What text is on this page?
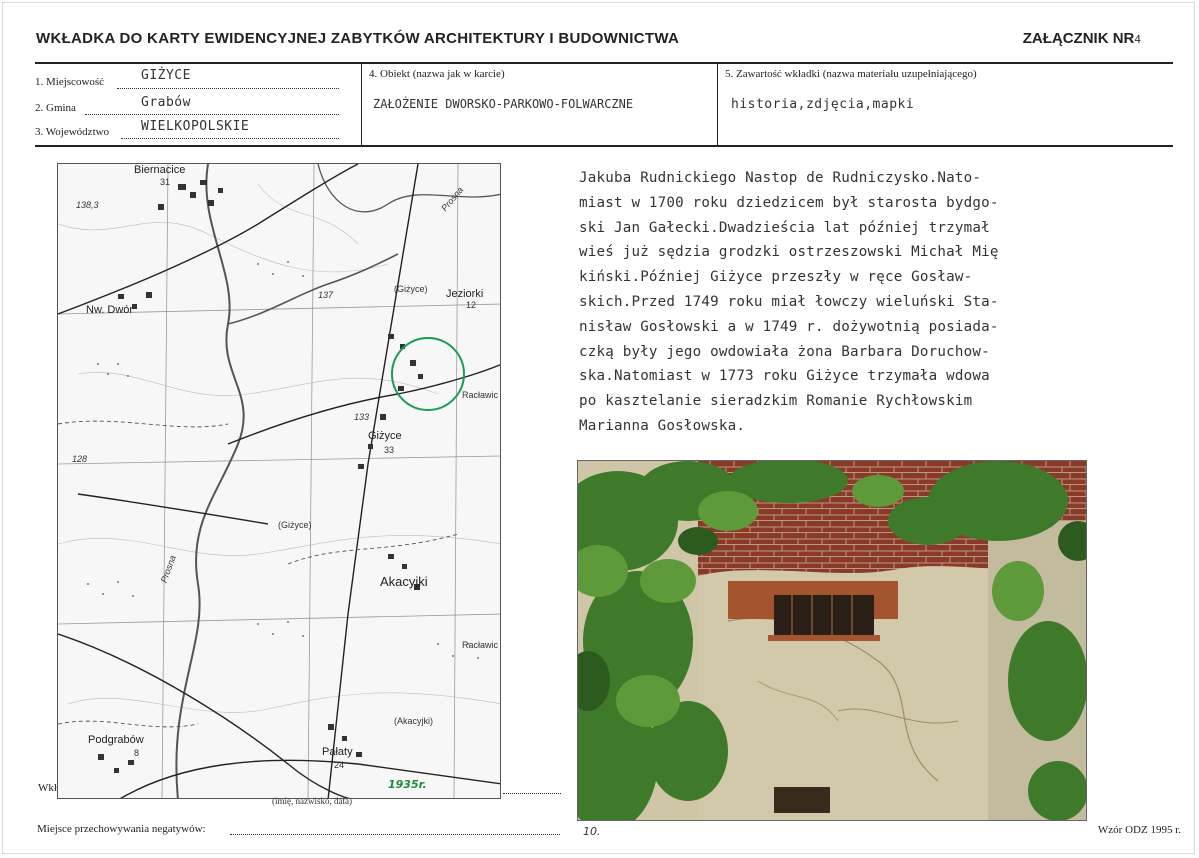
WKŁADKA DO KARTY EWIDENCYJNEJ ZABYTKÓW ARCHITEKTURY I BUDOWNICTWA	ZAŁĄCZNIK NR4
1. Miejscowość	GIŻYCE
2. Gmina	Grabów
3. Województwo WIELKOPOLSKIE
4. Obiekt (nazwa jak w karcie)
ZAŁOŻENIE DWORSKO-PARKOWO-FOLWARCZNE
5. Zawartość wkładki (nazwa materiału uzupełniającego)
historia,zdjęcia,mapki
Biernacice
31
138,3
Nw. Dwór
Jeziorki
12
(Giżyce)
137
Racławic
133
Giżyce
33
128
(Giżyce)
Akacyjki
Racławic
(Akacyjki)
Podgrabów
8	Pałaty
24
Prosna
Prosna
Jakuba Rudnickiego Nastop de Rudniczysko.Nato-
miast w 1700 roku dziedzicem był starosta bydgo-
ski Jan Gałecki.Dwadzieścia lat później trzymał
wieś już sędzia grodzki ostrzeszowski Michał Mię
kiński.Później Giżyce przeszły w ręce Gosław-
skich.Przed 1749 roku miał łowczy wieluński Sta-
nisław Gosłowski a w 1749 r. dożywotnią posiada-
czką były jego owdowiała żona Barbara Doruchow-
ska.Natomiast w 1773 roku Giżyce trzymała wdowa
po kasztelanie sieradzkim Romanie Rychłowskim
Marianna Gosłowska.
Wkł
(imię, nazwisko, data)
1935r.
Miejsce przechowywania negatywów:	10.	Wzór ODZ 1995 r.
